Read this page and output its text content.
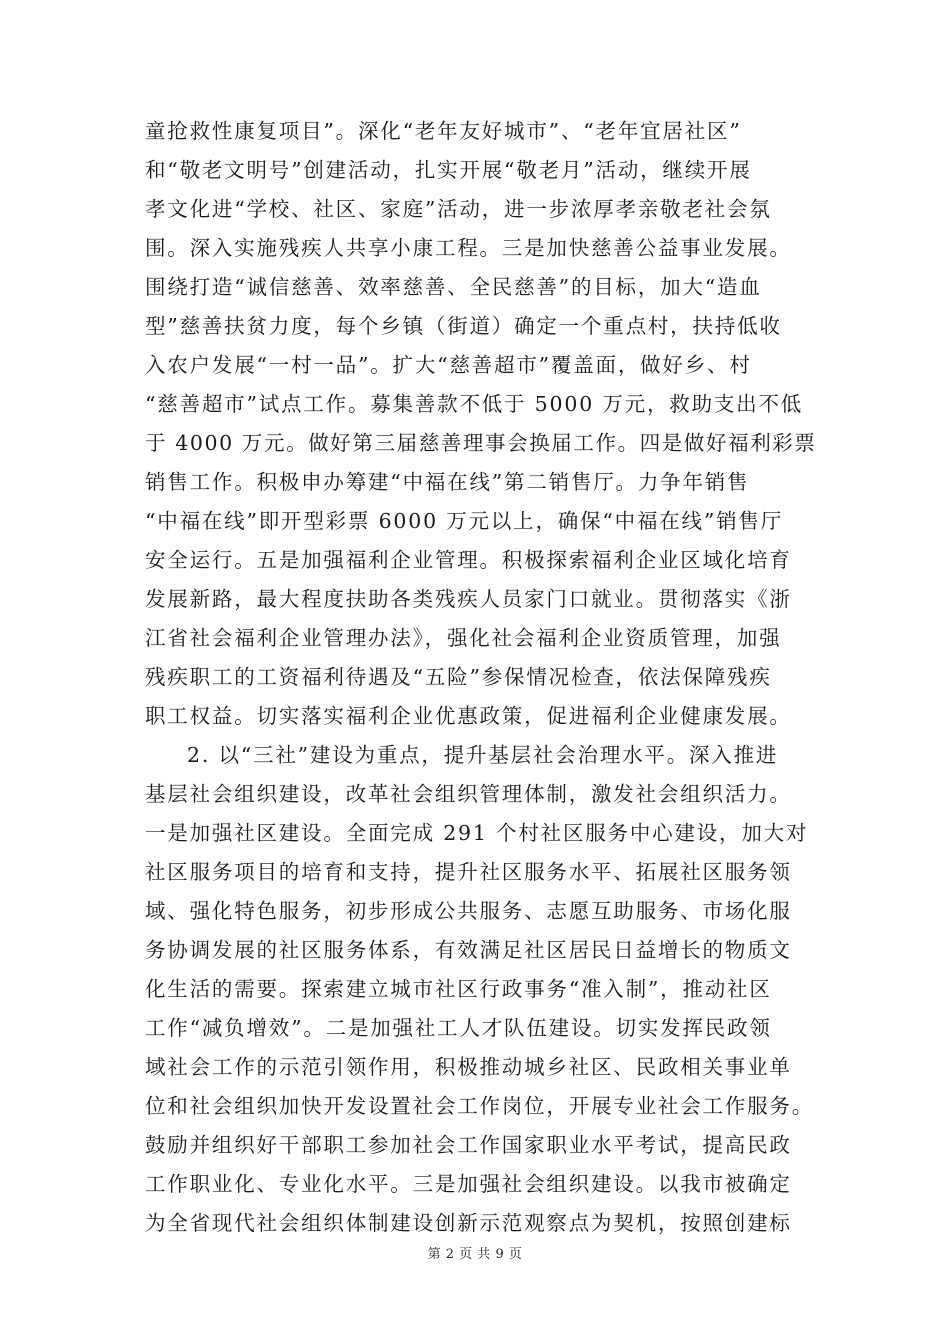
童抢救性康复项目”。深化“老年友好城市”、“老年宜居社区”
和“敬老文明号”创建活动，扎实开展“敬老月”活动，继续开展
孝文化进“学校、社区、家庭”活动，进一步浓厚孝亲敬老社会氛
围。深入实施残疾人共享小康工程。三是加快慈善公益事业发展。
围绕打造“诚信慈善、效率慈善、全民慈善”的目标，加大“造血
型”慈善扶贫力度，每个乡镇（街道）确定一个重点村，扶持低收
入农户发展“一村一品”。扩大“慈善超市”覆盖面，做好乡、村
“慈善超市”试点工作。募集善款不低于 5000 万元，救助支出不低
于 4000 万元。做好第三届慈善理事会换届工作。四是做好福利彩票
销售工作。积极申办筹建“中福在线”第二销售厅。力争年销售
“中福在线”即开型彩票 6000 万元以上，确保“中福在线”销售厅
安全运行。五是加强福利企业管理。积极探索福利企业区域化培育
发展新路，最大程度扶助各类残疾人员家门口就业。贯彻落实《浙
江省社会福利企业管理办法》，强化社会福利企业资质管理，加强
残疾职工的工资福利待遇及“五险”参保情况检查，依法保障残疾
职工权益。切实落实福利企业优惠政策，促进福利企业健康发展。
2. 以“三社”建设为重点，提升基层社会治理水平。深入推进
基层社会组织建设，改革社会组织管理体制，激发社会组织活力。
一是加强社区建设。全面完成 291 个村社区服务中心建设，加大对
社区服务项目的培育和支持，提升社区服务水平、拓展社区服务领
域、强化特色服务，初步形成公共服务、志愿互助服务、市场化服
务协调发展的社区服务体系，有效满足社区居民日益增长的物质文
化生活的需要。探索建立城市社区行政事务“准入制”，推动社区
工作“减负增效”。二是加强社工人才队伍建设。切实发挥民政领
域社会工作的示范引领作用，积极推动城乡社区、民政相关事业单
位和社会组织加快开发设置社会工作岗位，开展专业社会工作服务。
鼓励并组织好干部职工参加社会工作国家职业水平考试，提高民政
工作职业化、专业化水平。三是加强社会组织建设。以我市被确定
为全省现代社会组织体制建设创新示范观察点为契机，按照创建标
第 2 页 共 9 页
